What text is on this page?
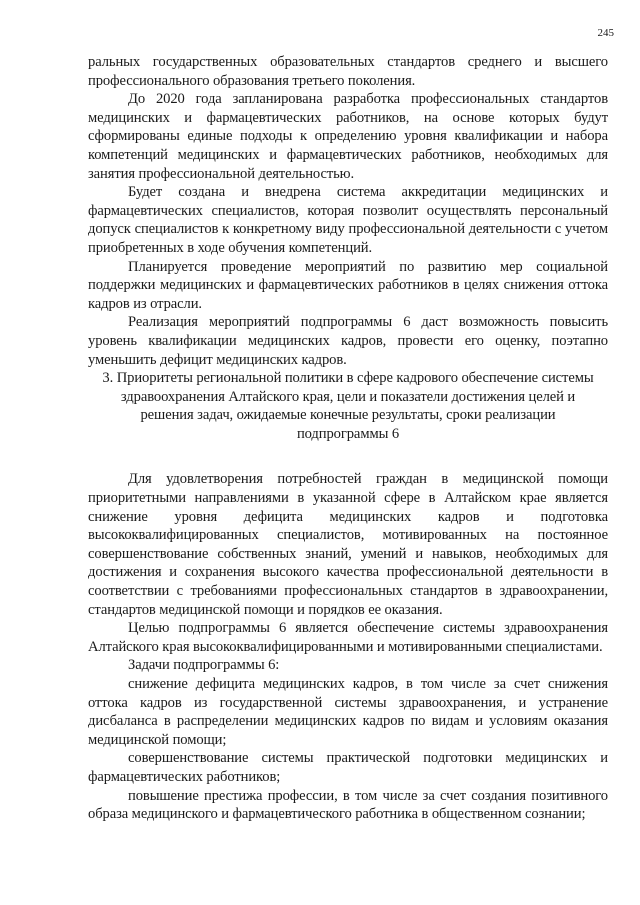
245

ральных государственных образовательных стандартов среднего и высшего профессионального образования третьего поколения.

До 2020 года запланирована разработка профессиональных стандартов медицинских и фармацевтических работников, на основе которых будут сформированы единые подходы к определению уровня квалификации и набора компетенций медицинских и фармацевтических работников, необходимых для занятия профессиональной деятельностью.

Будет создана и внедрена система аккредитации медицинских и фармацевтических специалистов, которая позволит осуществлять персональный допуск специалистов к конкретному виду профессиональной деятельности с учетом приобретенных в ходе обучения компетенций.

Планируется проведение мероприятий по развитию мер социальной поддержки медицинских и фармацевтических работников в целях снижения оттока кадров из отрасли.

Реализация мероприятий подпрограммы 6 даст возможность повысить уровень квалификации медицинских кадров, провести его оценку, поэтапно уменьшить дефицит медицинских кадров.

3. Приоритеты региональной политики в сфере кадрового обеспечение системы здравоохранения Алтайского края, цели и показатели достижения целей и решения задач, ожидаемые конечные результаты, сроки реализации подпрограммы 6

Для удовлетворения потребностей граждан в медицинской помощи приоритетными направлениями в указанной сфере в Алтайском крае является снижение уровня дефицита медицинских кадров и подготовка высококвалифицированных специалистов, мотивированных на постоянное совершенствование собственных знаний, умений и навыков, необходимых для достижения и сохранения высокого качества профессиональной деятельности в соответствии с требованиями профессиональных стандартов в здравоохранении, стандартов медицинской помощи и порядков ее оказания.

Целью подпрограммы 6 является обеспечение системы здравоохранения Алтайского края высококвалифицированными и мотивированными специалистами.

Задачи подпрограммы 6:

снижение дефицита медицинских кадров, в том числе за счет снижения оттока кадров из государственной системы здравоохранения, и устранение дисбаланса в распределении медицинских кадров по видам и условиям оказания медицинской помощи;

совершенствование системы практической подготовки медицинских и фармацевтических работников;

повышение престижа профессии, в том числе за счет создания позитивного образа медицинского и фармацевтического работника в общественном сознании;
